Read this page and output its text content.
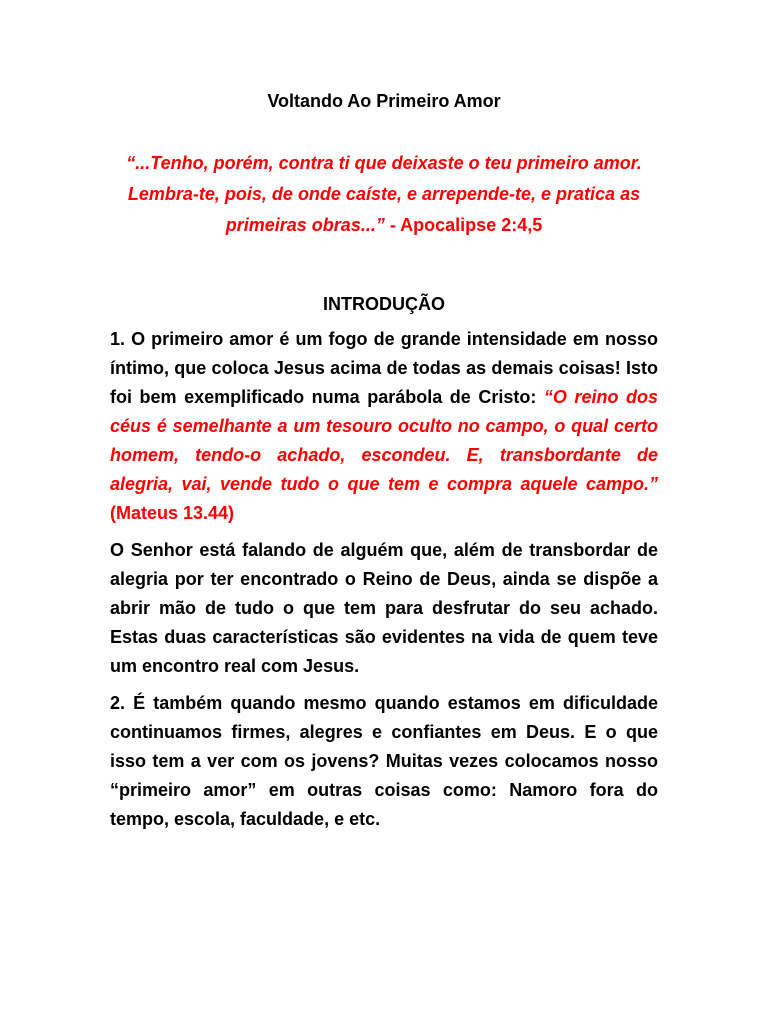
Voltando Ao Primeiro Amor

“...Tenho, porém, contra ti que deixaste o teu primeiro amor. Lembra-te, pois, de onde caíste, e arrepende-te, e pratica as primeiras obras...” - Apocalipse 2:4,5

INTRODUÇÃO

1. O primeiro amor é um fogo de grande intensidade em nosso íntimo, que coloca Jesus acima de todas as demais coisas! Isto foi bem exemplificado numa parábola de Cristo: “O reino dos céus é semelhante a um tesouro oculto no campo, o qual certo homem, tendo-o achado, escondeu. E, transbordante de alegria, vai, vende tudo o que tem e compra aquele campo.” (Mateus 13.44)

O Senhor está falando de alguém que, além de transbordar de alegria por ter encontrado o Reino de Deus, ainda se dispõe a abrir mão de tudo o que tem para desfrutar do seu achado. Estas duas características são evidentes na vida de quem teve um encontro real com Jesus.

2. É também quando mesmo quando estamos em dificuldade continuamos firmes, alegres e confiantes em Deus. E o que isso tem a ver com os jovens? Muitas vezes colocamos nosso “primeiro amor” em outras coisas como: Namoro fora do tempo, escola, faculdade, e etc.
